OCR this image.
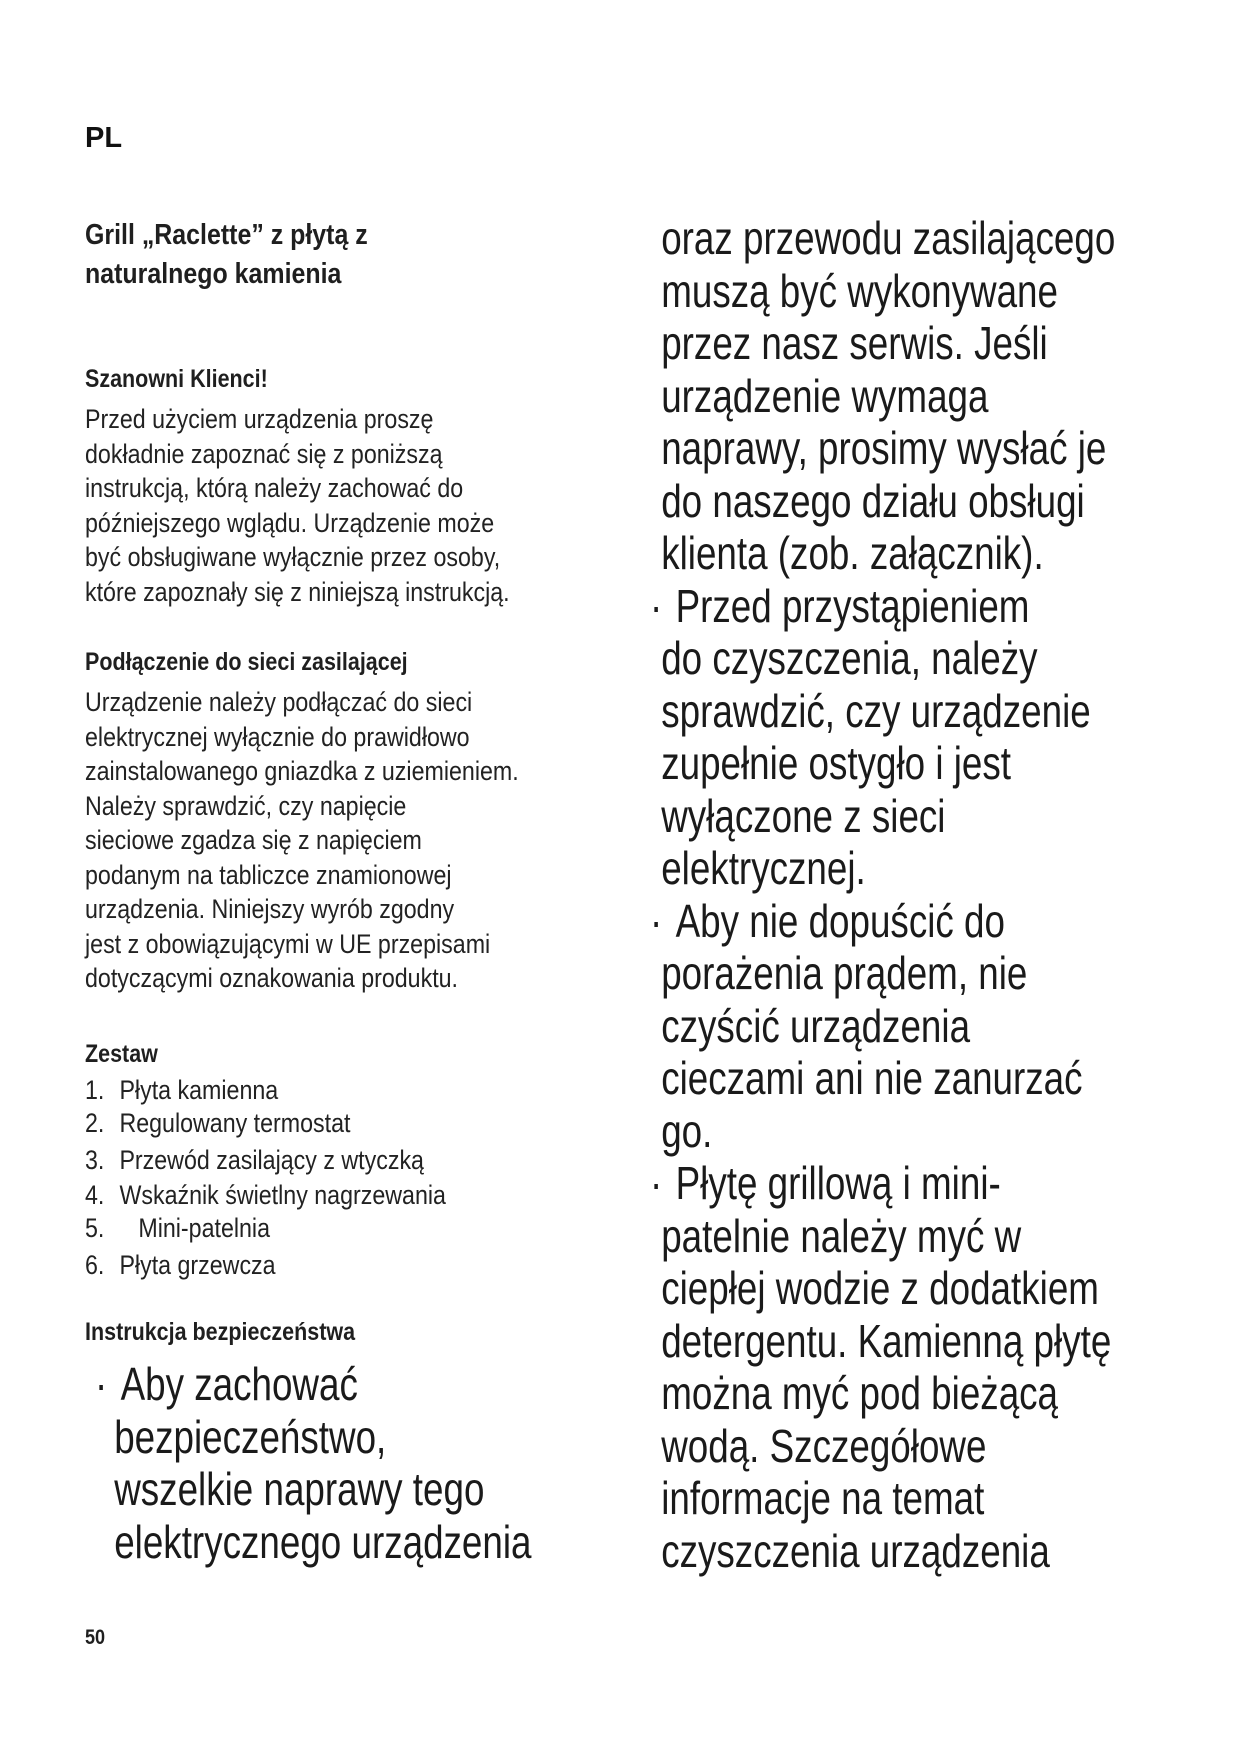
PL
Grill „Raclette” z płytą z
naturalnego kamienia
Szanowni Klienci!
Przed użyciem urządzenia proszę
dokładnie zapoznać się z poniższą
instrukcją, którą należy zachować do
późniejszego wglądu. Urządzenie może
być obsługiwane wyłącznie przez osoby,
które zapoznały się z niniejszą instrukcją.
Podłączenie do sieci zasilającej
Urządzenie należy podłączać do sieci
elektrycznej wyłącznie do prawidłowo
zainstalowanego gniazdka z uziemieniem.
Należy sprawdzić, czy napięcie
sieciowe zgadza się z napięciem
podanym na tabliczce znamionowej
urządzenia. Niniejszy wyrób zgodny
jest z obowiązującymi w UE przepisami
dotyczącymi oznakowania produktu.
Zestaw
1. Płyta kamienna
2. Regulowany termostat
3. Przewód zasilający z wtyczką
4. Wskaźnik świetlny nagrzewania
5. Mini-patelnia
6. Płyta grzewcza
Instrukcja bezpieczeństwa
· Aby zachować
bezpieczeństwo,
wszelkie naprawy tego
elektrycznego urządzenia
oraz przewodu zasilającego
muszą być wykonywane
przez nasz serwis. Jeśli
urządzenie wymaga
naprawy, prosimy wysłać je
do naszego działu obsługi
klienta (zob. załącznik).
· Przed przystąpieniem
do czyszczenia, należy
sprawdzić, czy urządzenie
zupełnie ostygło i jest
wyłączone z sieci
elektrycznej.
· Aby nie dopuścić do
porażenia prądem, nie
czyścić urządzenia
cieczami ani nie zanurzać
go.
· Płytę grillową i mini-
patelnie należy myć w
ciepłej wodzie z dodatkiem
detergentu. Kamienną płytę
można myć pod bieżącą
wodą. Szczegółowe
informacje na temat
czyszczenia urządzenia
50
